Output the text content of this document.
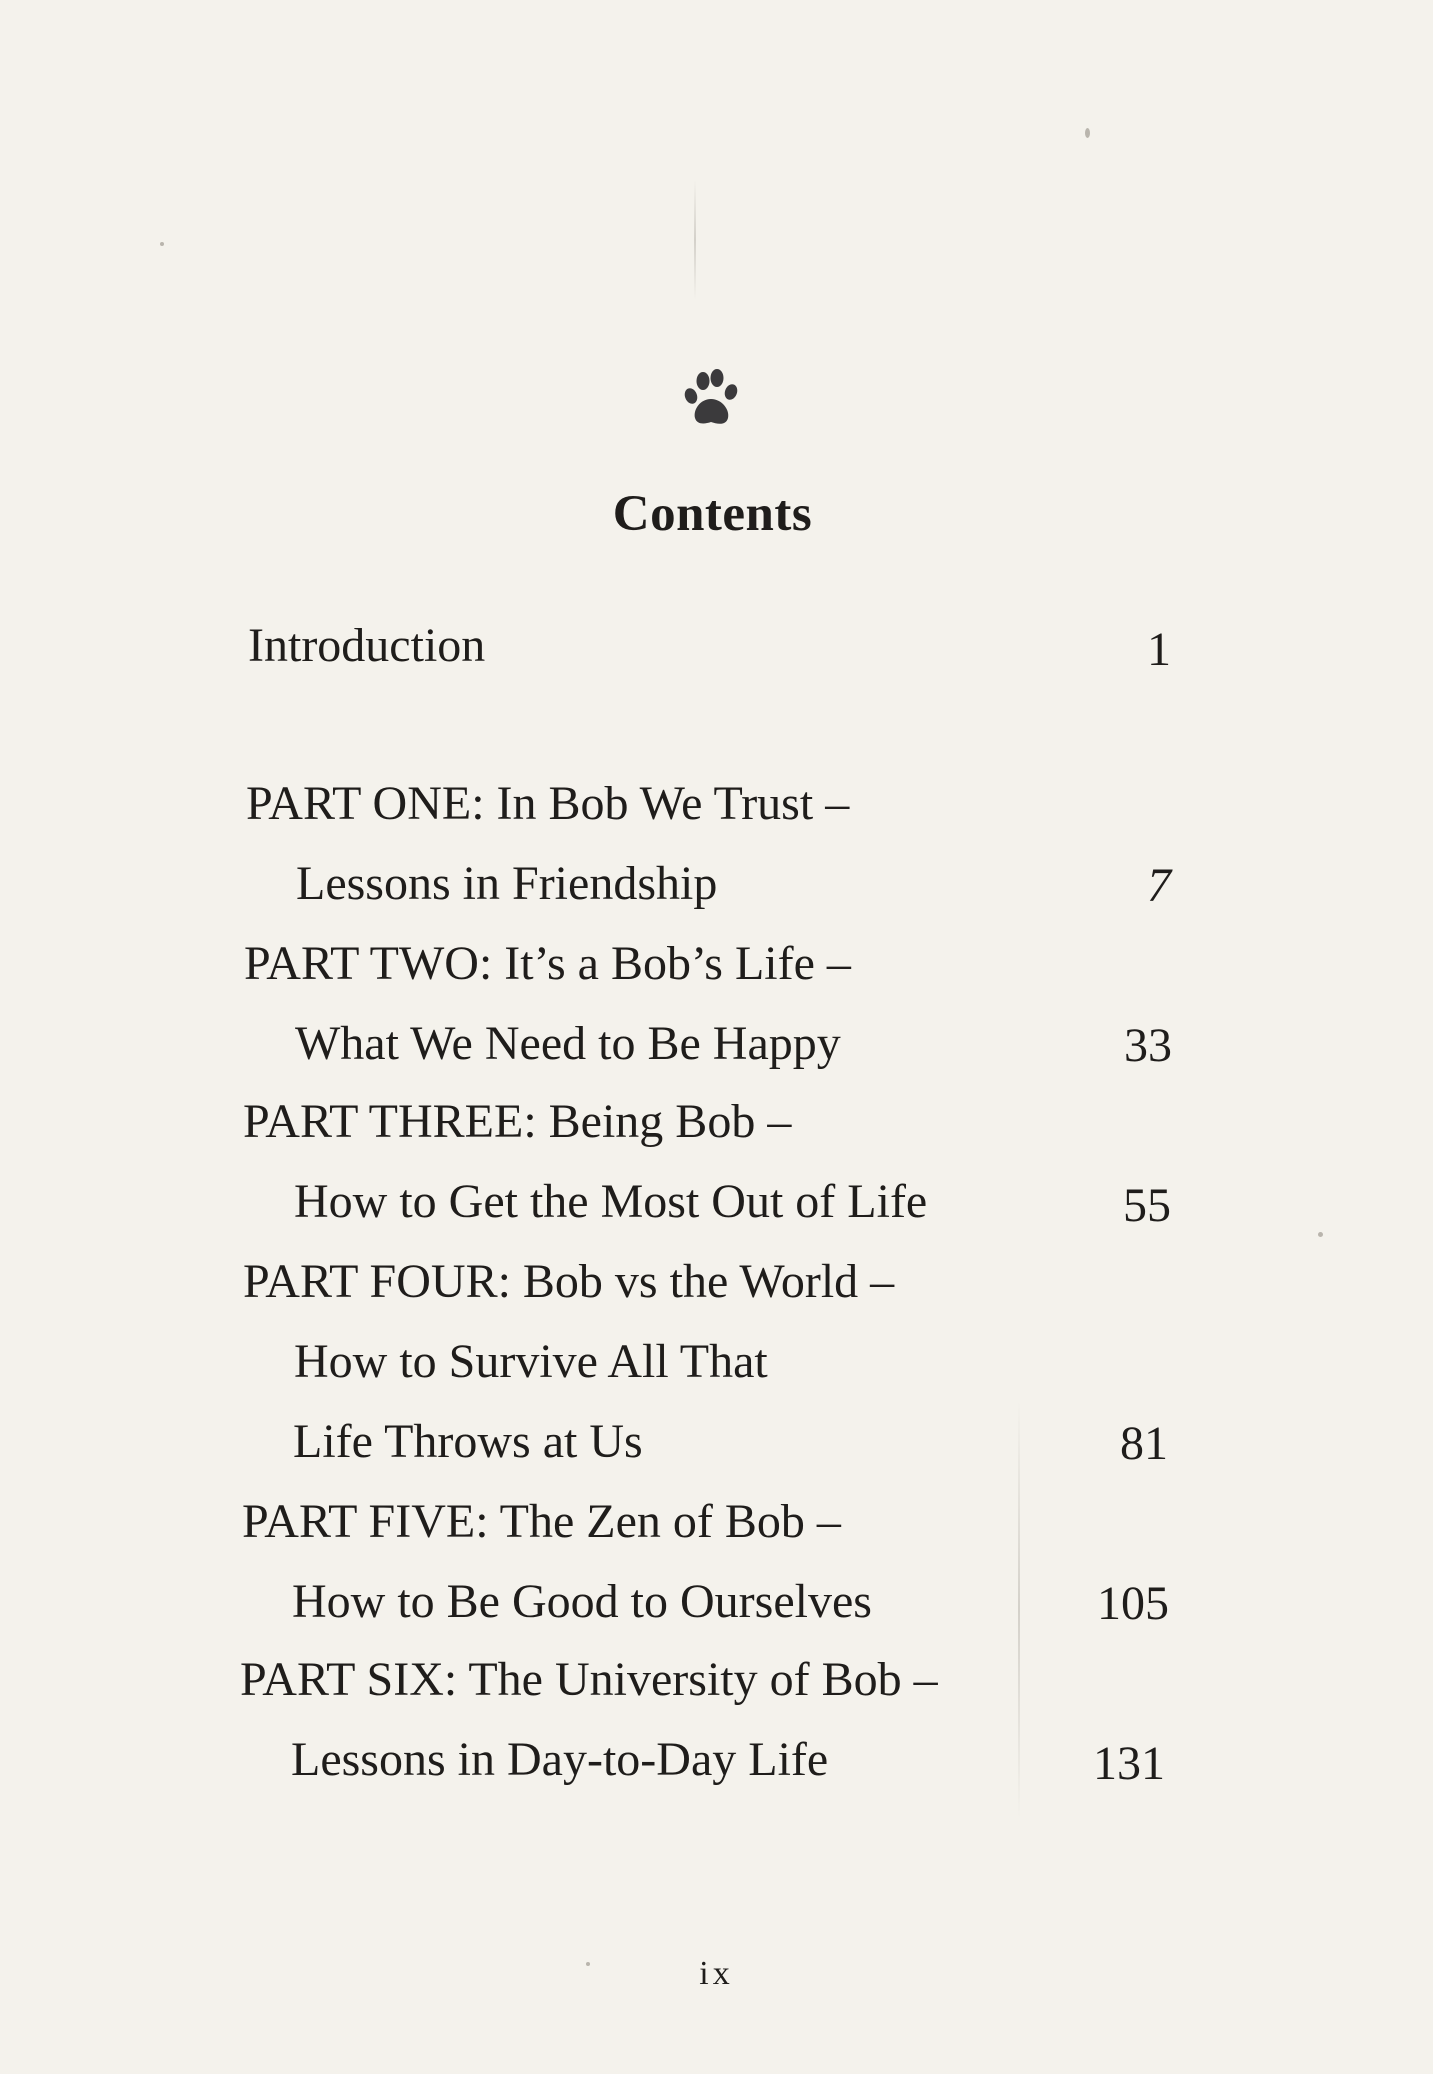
Contents
Introduction	1
PART ONE: In Bob We Trust –
Lessons in Friendship	7
PART TWO: It’s a Bob’s Life –
What We Need to Be Happy	33
PART THREE: Being Bob –
How to Get the Most Out of Life	55
PART FOUR: Bob vs the World –
How to Survive All That
Life Throws at Us	81
PART FIVE: The Zen of Bob –
How to Be Good to Ourselves	105
PART SIX: The University of Bob –
Lessons in Day-to-Day Life	131
ix
